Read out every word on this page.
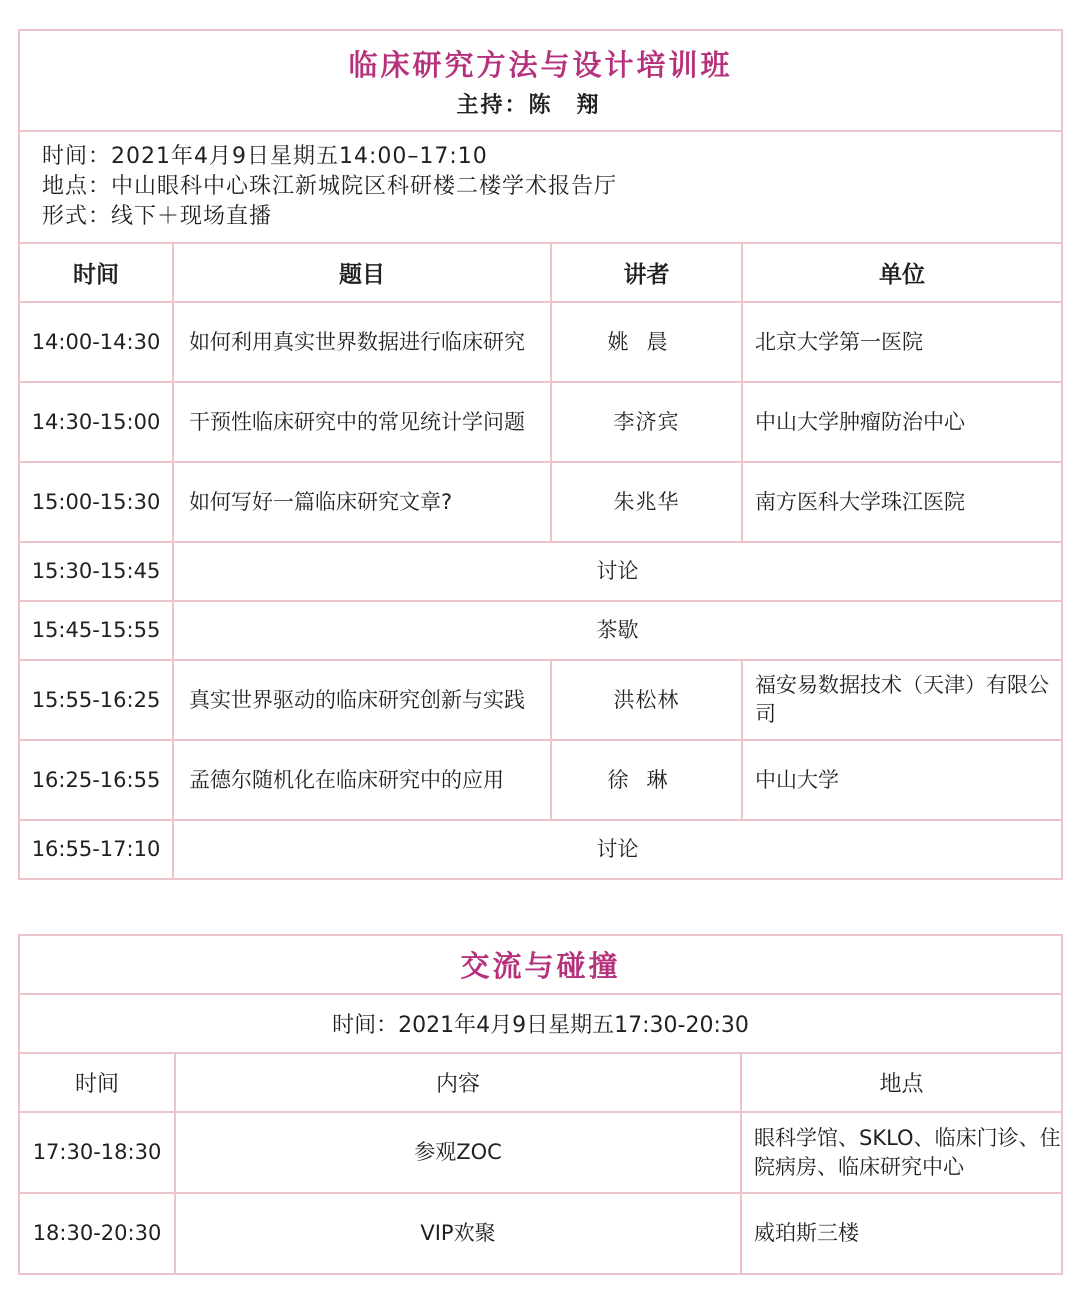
临床研究方法与设计培训班
主持：陈翔			

时间：2021年4月9日星期五14:00–17:10
地点：中山眼科中心珠江新城院区科研楼二楼学术报告厅
形式：线下＋现场直播			

时间	题目	讲者	单位
14:00-14:30	如何利用真实世界数据进行临床研究	姚晨	北京大学第一医院
14:30-15:00	干预性临床研究中的常见统计学问题	李济宾	中山大学肿瘤防治中心
15:00-15:30	如何写好一篇临床研究文章?	朱兆华	南方医科大学珠江医院
15:30-15:45	讨论		
15:45-15:55	茶歇		
15:55-16:25	真实世界驱动的临床研究创新与实践	洪松林	福安易数据技术（天津）有限公司
16:25-16:55	孟德尔随机化在临床研究中的应用	徐琳	中山大学
16:55-17:10	讨论		
交流与碰撞		
时间：2021年4月9日星期五17:30-20:30		
时间	内容	地点
17:30-18:30	参观ZOC	眼科学馆、SKLO、临床门诊、住院病房、临床研究中心
18:30-20:30	VIP欢聚	威珀斯三楼
